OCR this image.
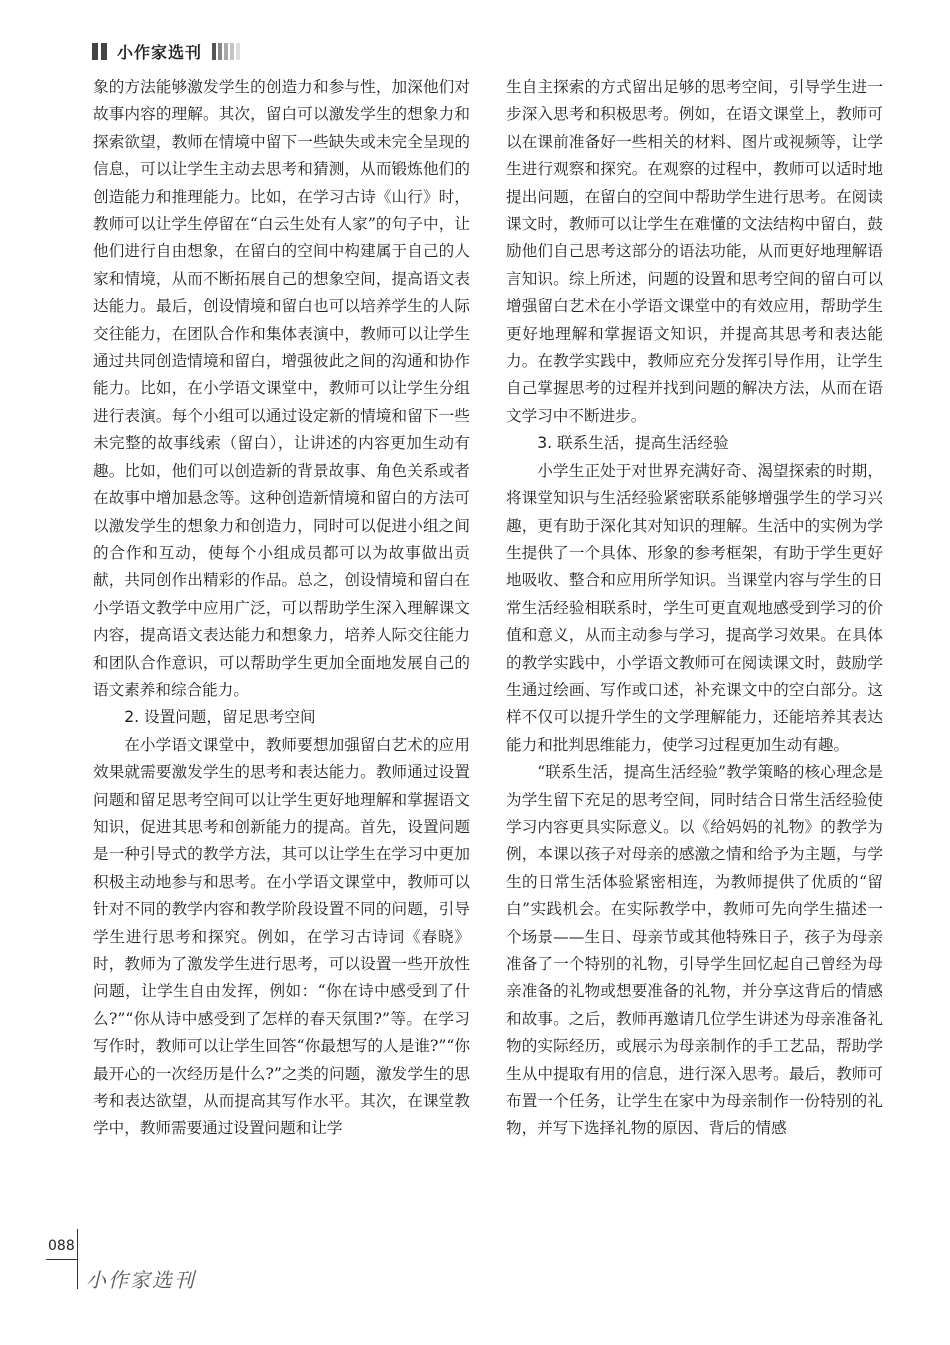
小作家选刊

象的方法能够激发学生的创造力和参与性，加深他们对故事内容的理解。其次，留白可以激发学生的想象力和探索欲望，教师在情境中留下一些缺失或未完全呈现的信息，可以让学生主动去思考和猜测，从而锻炼他们的创造能力和推理能力。比如，在学习古诗《山行》时，教师可以让学生停留在“白云生处有人家”的句子中，让他们进行自由想象，在留白的空间中构建属于自己的人家和情境，从而不断拓展自己的想象空间，提高语文表达能力。最后，创设情境和留白也可以培养学生的人际交往能力，在团队合作和集体表演中，教师可以让学生通过共同创造情境和留白，增强彼此之间的沟通和协作能力。比如，在小学语文课堂中，教师可以让学生分组进行表演。每个小组可以通过设定新的情境和留下一些未完整的故事线索（留白），让讲述的内容更加生动有趣。比如，他们可以创造新的背景故事、角色关系或者在故事中增加悬念等。这种创造新情境和留白的方法可以激发学生的想象力和创造力，同时可以促进小组之间的合作和互动，使每个小组成员都可以为故事做出贡献，共同创作出精彩的作品。总之，创设情境和留白在小学语文教学中应用广泛，可以帮助学生深入理解课文内容，提高语文表达能力和想象力，培养人际交往能力和团队合作意识，可以帮助学生更加全面地发展自己的语文素养和综合能力。

2. 设置问题，留足思考空间

在小学语文课堂中，教师要想加强留白艺术的应用效果就需要激发学生的思考和表达能力。教师通过设置问题和留足思考空间可以让学生更好地理解和掌握语文知识，促进其思考和创新能力的提高。首先，设置问题是一种引导式的教学方法，其可以让学生在学习中更加积极主动地参与和思考。在小学语文课堂中，教师可以针对不同的教学内容和教学阶段设置不同的问题，引导学生进行思考和探究。例如，在学习古诗词《春晓》时，教师为了激发学生进行思考，可以设置一些开放性问题，让学生自由发挥，例如：“你在诗中感受到了什么?”“你从诗中感受到了怎样的春天氛围?”等。在学习写作时，教师可以让学生回答“你最想写的人是谁?”“你最开心的一次经历是什么?”之类的问题，激发学生的思考和表达欲望，从而提高其写作水平。其次，在课堂教学中，教师需要通过设置问题和让学

生自主探索的方式留出足够的思考空间，引导学生进一步深入思考和积极思考。例如，在语文课堂上，教师可以在课前准备好一些相关的材料、图片或视频等，让学生进行观察和探究。在观察的过程中，教师可以适时地提出问题，在留白的空间中帮助学生进行思考。在阅读课文时，教师可以让学生在难懂的文法结构中留白，鼓励他们自己思考这部分的语法功能，从而更好地理解语言知识。综上所述，问题的设置和思考空间的留白可以增强留白艺术在小学语文课堂中的有效应用，帮助学生更好地理解和掌握语文知识，并提高其思考和表达能力。在教学实践中，教师应充分发挥引导作用，让学生自己掌握思考的过程并找到问题的解决方法，从而在语文学习中不断进步。

3. 联系生活，提高生活经验

小学生正处于对世界充满好奇、渴望探索的时期，将课堂知识与生活经验紧密联系能够增强学生的学习兴趣，更有助于深化其对知识的理解。生活中的实例为学生提供了一个具体、形象的参考框架，有助于学生更好地吸收、整合和应用所学知识。当课堂内容与学生的日常生活经验相联系时，学生可更直观地感受到学习的价值和意义，从而主动参与学习，提高学习效果。在具体的教学实践中，小学语文教师可在阅读课文时，鼓励学生通过绘画、写作或口述，补充课文中的空白部分。这样不仅可以提升学生的文学理解能力，还能培养其表达能力和批判思维能力，使学习过程更加生动有趣。

“联系生活，提高生活经验”教学策略的核心理念是为学生留下充足的思考空间，同时结合日常生活经验使学习内容更具实际意义。以《给妈妈的礼物》的教学为例，本课以孩子对母亲的感激之情和给予为主题，与学生的日常生活体验紧密相连，为教师提供了优质的“留白”实践机会。在实际教学中，教师可先向学生描述一个场景——生日、母亲节或其他特殊日子，孩子为母亲准备了一个特别的礼物，引导学生回忆起自己曾经为母亲准备的礼物或想要准备的礼物，并分享这背后的情感和故事。之后，教师再邀请几位学生讲述为母亲准备礼物的实际经历，或展示为母亲制作的手工艺品，帮助学生从中提取有用的信息，进行深入思考。最后，教师可布置一个任务，让学生在家中为母亲制作一份特别的礼物，并写下选择礼物的原因、背后的情感

088
小作家选刊
